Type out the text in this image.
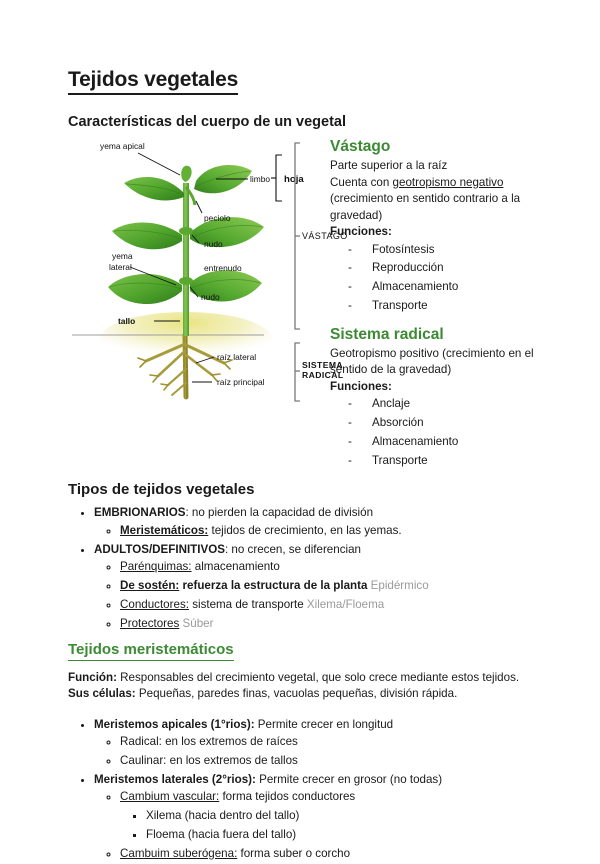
Tejidos vegetales
Características del cuerpo de un vegetal
yema apical
limbo
peciolo
nudo
yema
lateral	entrenudo
nudo
tallo
raíz lateral
raíz principal
hoja
VÁSTAGO
SISTEMA
RADICAL
Vástago
Parte superior a la raíz
Cuenta con geotropismo negativo
(crecimiento en sentido contrario a la gravedad)
Funciones:
- Fotosíntesis
- Reproducción
- Almacenamiento
- Transporte
Sistema radical
Geotropismo positivo (crecimiento en el sentido de la gravedad)
Funciones:
- Anclaje
- Absorción
- Almacenamiento
- Transporte
Tipos de tejidos vegetales
• EMBRIONARIOS: no pierden la capacidad de división
◦ Meristemáticos: tejidos de crecimiento, en las yemas.
• ADULTOS/DEFINITIVOS: no crecen, se diferencian
◦ Parénquimas: almacenamiento
◦ De sostén: refuerza la estructura de la planta Epidérmico
◦ Conductores: sistema de transporte Xilema/Floema
◦ Protectores Súber
Tejidos meristemáticos
Función: Responsables del crecimiento vegetal, que solo crece mediante estos tejidos.
Sus células: Pequeñas, paredes finas, vacuolas pequeñas, división rápida.
• Meristemos apicales (1°rios): Permite crecer en longitud
◦ Radical: en los extremos de raíces
◦ Caulinar: en los extremos de tallos
• Meristemos laterales (2°rios): Permite crecer en grosor (no todas)
◦ Cambium vascular: forma tejidos conductores
▪ Xilema (hacia dentro del tallo)
▪ Floema (hacia fuera del tallo)
◦ Cambuim suberógena: forma suber o corcho
